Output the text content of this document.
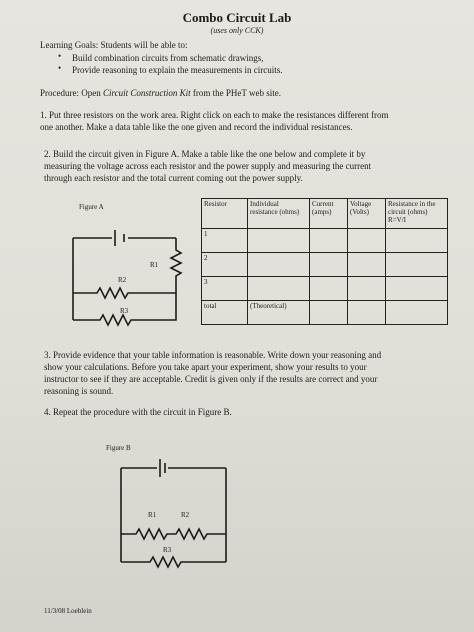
Combo Circuit Lab
(uses only CCK)
Learning Goals: Students will be able to:
• Build combination circuits from schematic drawings,
• Provide reasoning to explain the measurements in circuits.
Procedure: Open Circuit Construction Kit from the PHeT web site.
1. Put three resistors on the work area. Right click on each to make the resistances different from
one another. Make a data table like the one given and record the individual resistances.
2. Build the circuit given in Figure A. Make a table like the one below and complete it by
measuring the voltage across each resistor and the power supply and measuring the current
through each resistor and the total current coming out the power supply.
Figure A
R1
R2
R3
Resistor	Individual resistance (ohms)	Current (amps)	Voltage (Volts)	Resistance in the circuit (ohms) R=V/I
1				
2				
3				
total	(Theoretical)			
3. Provide evidence that your table information is reasonable. Write down your reasoning and
show your calculations. Before you take apart your experiment, show your results to your
instructor to see if they are acceptable. Credit is given only if the results are correct and your
reasoning is sound.
4. Repeat the procedure with the circuit in Figure B.
Figure B
R1	R2
R3
11/3/08 Loeblein
